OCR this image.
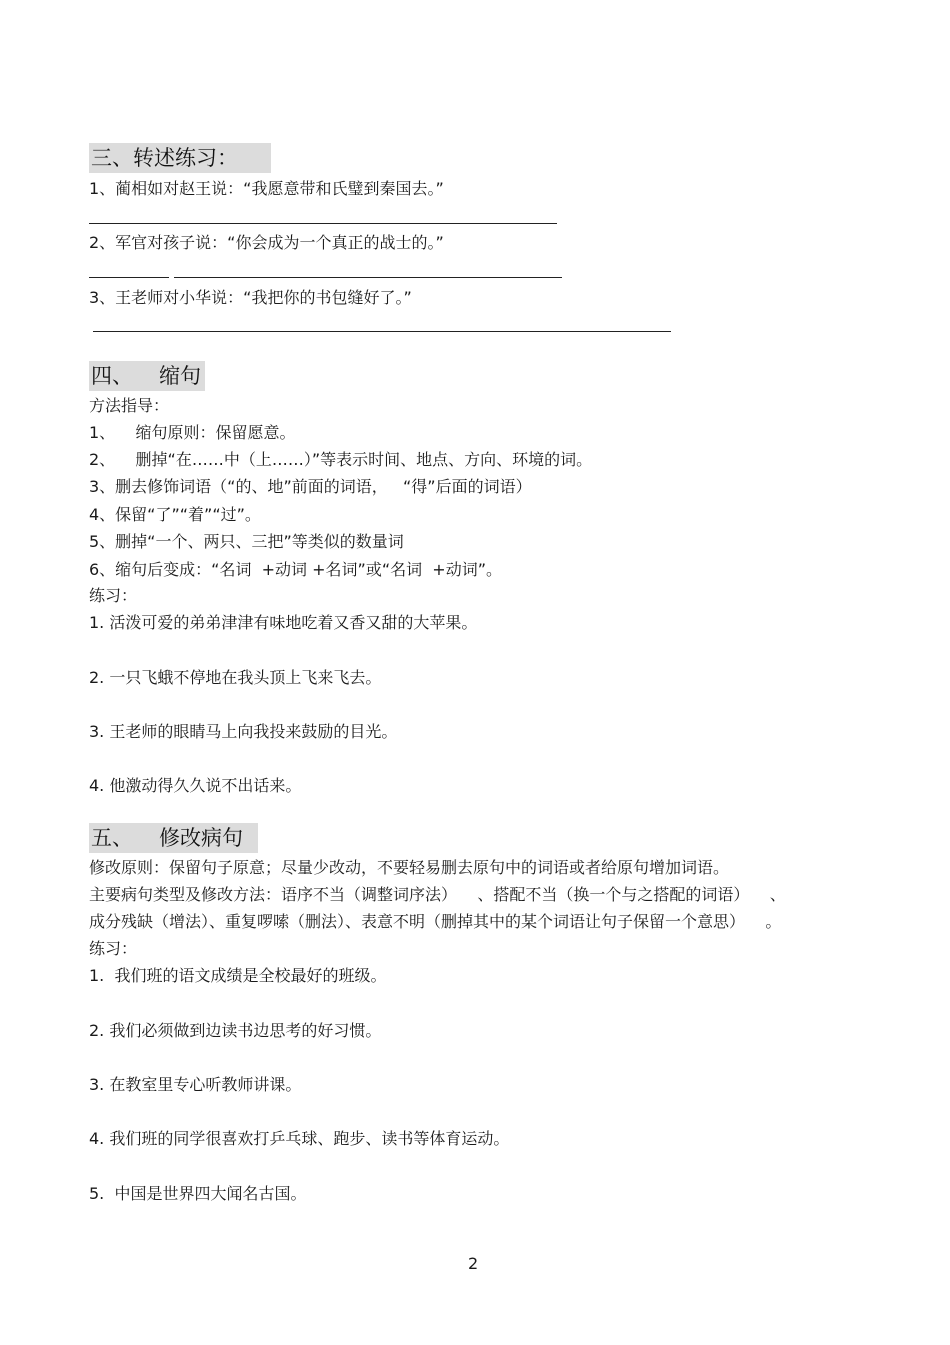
三、转述练习：
1、蔺相如对赵王说：“我愿意带和氏璧到秦国去。”
2、军官对孩子说：“你会成为一个真正的战士的。”
3、王老师对小华说：“我把你的书包缝好了。”
四、 缩句
方法指导：
1、    缩句原则：保留愿意。
2、    删掉“在……中（上……）”等表示时间、地点、方向、环境的词。
3、删去修饰词语（“的、地”前面的词语，   “得”后面的词语）
4、保留“了”“着”“过”。
5、删掉“一个、两只、三把”等类似的数量词
6、缩句后变成：“名词  +动词 +名词”或“名词  +动词”。
练习：
1. 活泼可爱的弟弟津津有味地吃着又香又甜的大苹果。
2. 一只飞蛾不停地在我头顶上飞来飞去。
3. 王老师的眼睛马上向我投来鼓励的目光。
4. 他激动得久久说不出话来。
五、 修改病句
修改原则：保留句子原意；尽量少改动，不要轻易删去原句中的词语或者给原句增加词语。
主要病句类型及修改方法：语序不当（调整词序法）    、搭配不当（换一个与之搭配的词语）    、
成分残缺（增法）、重复啰嗦（删法）、表意不明（删掉其中的某个词语让句子保留一个意思）    。
练习：
1.  我们班的语文成绩是全校最好的班级。
2. 我们必须做到边读书边思考的好习惯。
3. 在教室里专心听教师讲课。
4. 我们班的同学很喜欢打乒乓球、跑步、读书等体育运动。
5.  中国是世界四大闻名古国。
2
